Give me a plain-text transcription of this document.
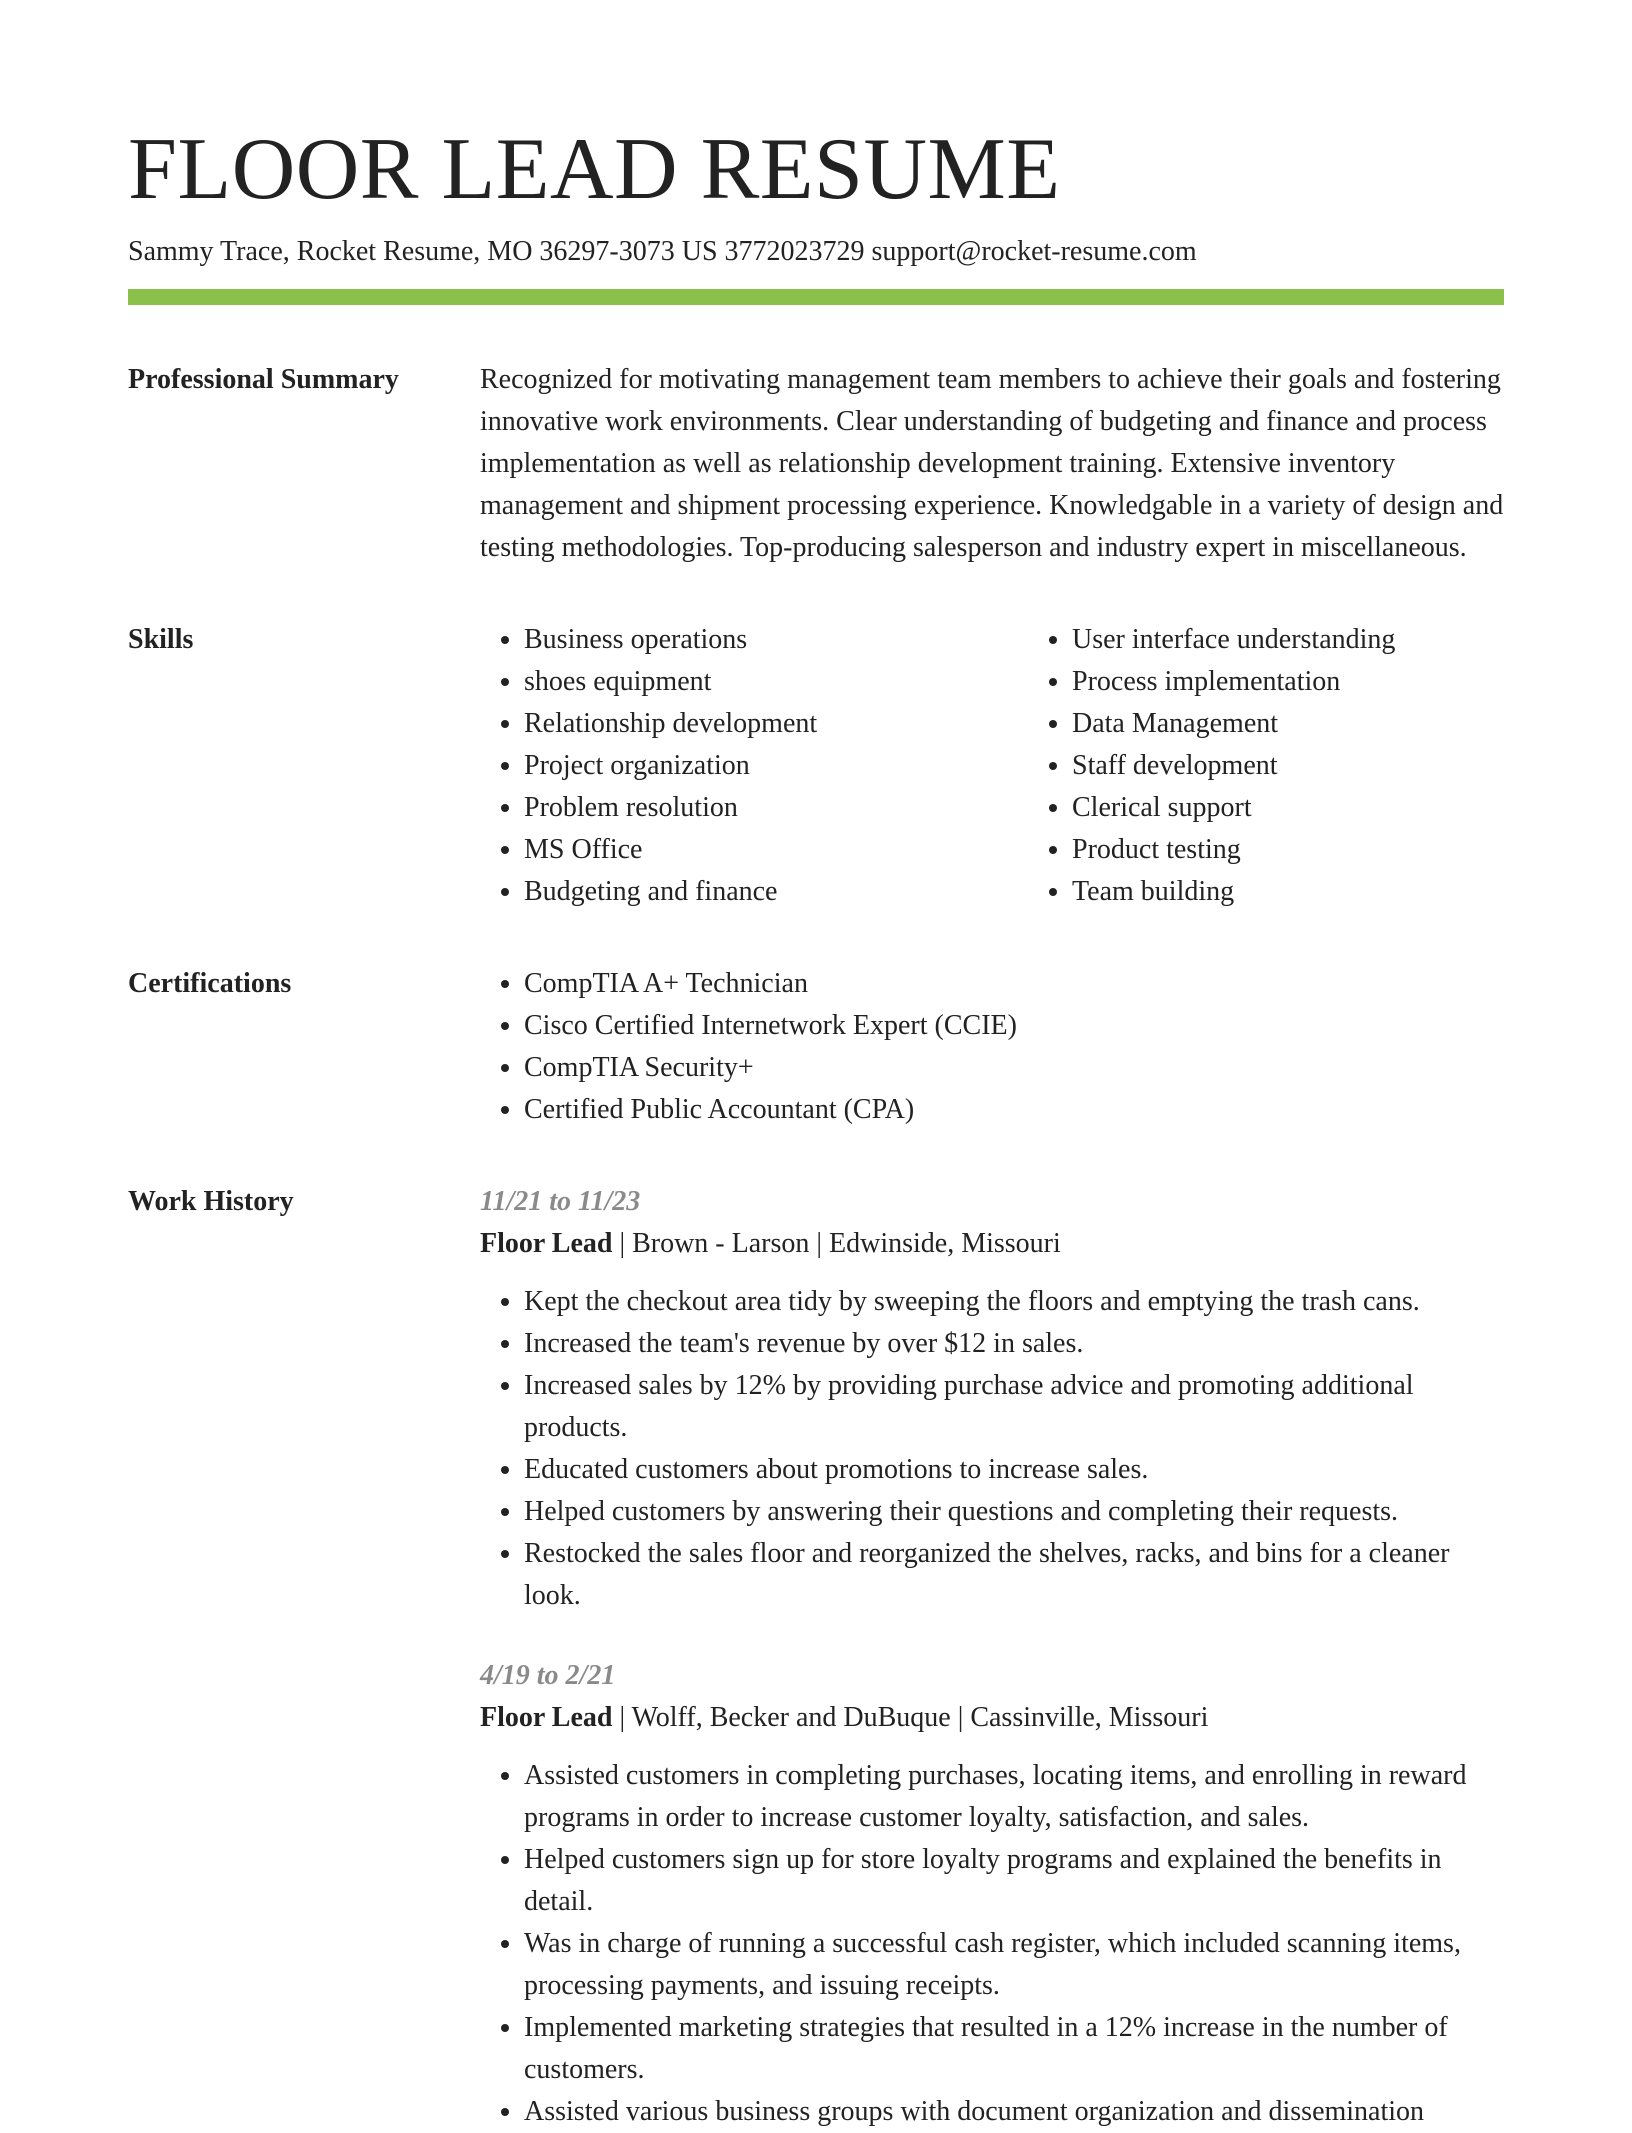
FLOOR LEAD RESUME
Sammy Trace, Rocket Resume, MO 36297-3073 US 3772023729 support@rocket-resume.com
Professional Summary	Recognized for motivating management team members to achieve their goals and fostering innovative work environments. Clear understanding of budgeting and finance and process implementation as well as relationship development training. Extensive inventory management and shipment processing experience. Knowledgable in a variety of design and testing methodologies. Top-producing salesperson and industry expert in miscellaneous.

Skills	• Business operations
• shoes equipment
• Relationship development
• Project organization
• Problem resolution
• MS Office
• Budgeting and finance
• User interface understanding
• Process implementation
• Data Management
• Staff development
• Clerical support
• Product testing
• Team building
Certifications	• CompTIA A+ Technician
• Cisco Certified Internetwork Expert (CCIE)
• CompTIA Security+
• Certified Public Accountant (CPA)
Work History	11/21 to 11/23
Floor Lead | Brown - Larson | Edwinside, Missouri
• Kept the checkout area tidy by sweeping the floors and emptying the trash cans.
• Increased the team's revenue by over $12 in sales.
• Increased sales by 12% by providing purchase advice and promoting additional products.
• Educated customers about promotions to increase sales.
• Helped customers by answering their questions and completing their requests.
• Restocked the sales floor and reorganized the shelves, racks, and bins for a cleaner look.
4/19 to 2/21
Floor Lead | Wolff, Becker and DuBuque | Cassinville, Missouri
• Assisted customers in completing purchases, locating items, and enrolling in reward programs in order to increase customer loyalty, satisfaction, and sales.
• Helped customers sign up for store loyalty programs and explained the benefits in detail.
• Was in charge of running a successful cash register, which included scanning items, processing payments, and issuing receipts.
• Implemented marketing strategies that resulted in a 12% increase in the number of customers.
• Assisted various business groups with document organization and dissemination
